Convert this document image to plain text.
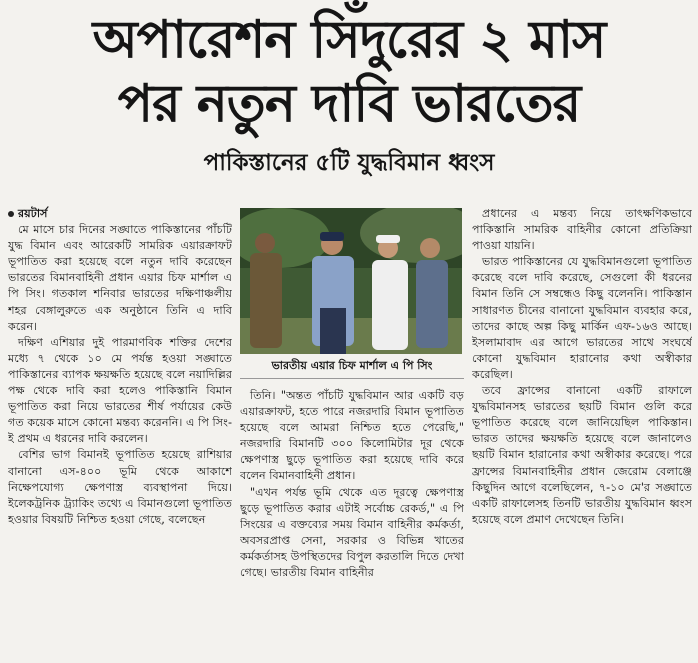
অপারেশন সিঁদুরের ২ মাস
পর নতুন দাবি ভারতের
পাকিস্তানের ৫টি যুদ্ধবিমান ধ্বংস

রয়টার্স

মে মাসে চার দিনের সঙ্ঘাতে পাকিস্তানের পাঁচটি যুদ্ধ বিমান এবং আরেকটি সামরিক এয়ারক্রাফট ভূপাতিত করা হয়েছে বলে নতুন দাবি করেছেন ভারতের বিমানবাহিনী প্রধান এয়ার চিফ মার্শাল এ পি সিং। গতকাল শনিবার ভারতের দক্ষিণাঞ্চলীয় শহর বেঙ্গালুরুতে এক অনুষ্ঠানে তিনি এ দাবি করেন।

দক্ষিণ এশিয়ার দুই পারমাণবিক শক্তির দেশের মধ্যে ৭ থেকে ১০ মে পর্যন্ত হওয়া সঙ্ঘাতে পাকিস্তানের ব্যাপক ক্ষয়ক্ষতি হয়েছে বলে নয়াদিল্লির পক্ষ থেকে দাবি করা হলেও পাকিস্তানি বিমান ভূপাতিত করা নিয়ে ভারতের শীর্ষ পর্যায়ের কেউ গত কয়েক মাসে কোনো মন্তব্য করেননি। এ পি সিং-ই প্রথম এ ধরনের দাবি করলেন।

বেশির ভাগ বিমানই ভূপাতিত হয়েছে রাশিয়ার বানানো এস-৪০০ ভূমি থেকে আকাশে নিক্ষেপযোগ্য ক্ষেপণাস্ত্র ব্যবস্থাপনা দিয়ে। ইলেকট্রনিক ট্র্যাকিং তথ্যে এ বিমানগুলো ভূপাতিত হওয়ার বিষয়টি নিশ্চিত হওয়া গেছে, বলেছেন

ভারতীয় এয়ার চিফ মার্শাল এ পি সিং

তিনি। "অন্তত পাঁচটি যুদ্ধবিমান আর একটি বড় এয়ারক্রাফট, হতে পারে নজরদারি বিমান ভূপাতিত হয়েছে বলে আমরা নিশ্চিত হতে পেরেছি," নজরদারি বিমানটি ৩০০ কিলোমিটার দূর থেকে ক্ষেপণাস্ত্র ছুড়ে ভূপাতিত করা হয়েছে দাবি করে বলেন বিমানবাহিনী প্রধান।

"এখন পর্যন্ত ভূমি থেকে এত দূরত্বে ক্ষেপণাস্ত্র ছুড়ে ভূপাতিত করার এটাই সর্বোচ্চ রেকর্ড," এ পি সিংয়ের এ বক্তব্যের সময় বিমান বাহিনীর কর্মকর্তা, অবসরপ্রাপ্ত সেনা, সরকার ও বিভিন্ন খাতের কর্মকর্তাসহ উপস্থিতদের বিপুল করতালি দিতে দেখা গেছে। ভারতীয় বিমান বাহিনীর

প্রধানের এ মন্তব্য নিয়ে তাৎক্ষণিকভাবে পাকিস্তানি সামরিক বাহিনীর কোনো প্রতিক্রিয়া পাওয়া যায়নি।

ভারত পাকিস্তানের যে যুদ্ধবিমানগুলো ভূপাতিত করেছে বলে দাবি করেছে, সেগুলো কী ধরনের বিমান তিনি সে সম্বন্ধেও কিছু বলেননি। পাকিস্তান সাধারণত চীনের বানানো যুদ্ধবিমান ব্যবহার করে, তাদের কাছে অল্প কিছু মার্কিন এফ-১৬ও আছে। ইসলামাবাদ এর আগে ভারতের সাথে সংঘর্ষে কোনো যুদ্ধবিমান হারানোর কথা অস্বীকার করেছিল।

তবে ফ্রান্সের বানানো একটি রাফালে যুদ্ধবিমানসহ ভারতের ছয়টি বিমান গুলি করে ভূপাতিত করেছে বলে জানিয়েছিল পাকিস্তান। ভারত তাদের ক্ষয়ক্ষতি হয়েছে বলে জানালেও ছয়টি বিমান হারানোর কথা অস্বীকার করেছে। পরে ফ্রান্সের বিমানবাহিনীর প্রধান জেরোম বেলাঞ্জে কিছুদিন আগে বলেছিলেন, ৭-১০ মে'র সঙ্ঘাতে একটি রাফালেসহ তিনটি ভারতীয় যুদ্ধবিমান ধ্বংস হয়েছে বলে প্রমাণ দেখেছেন তিনি।
